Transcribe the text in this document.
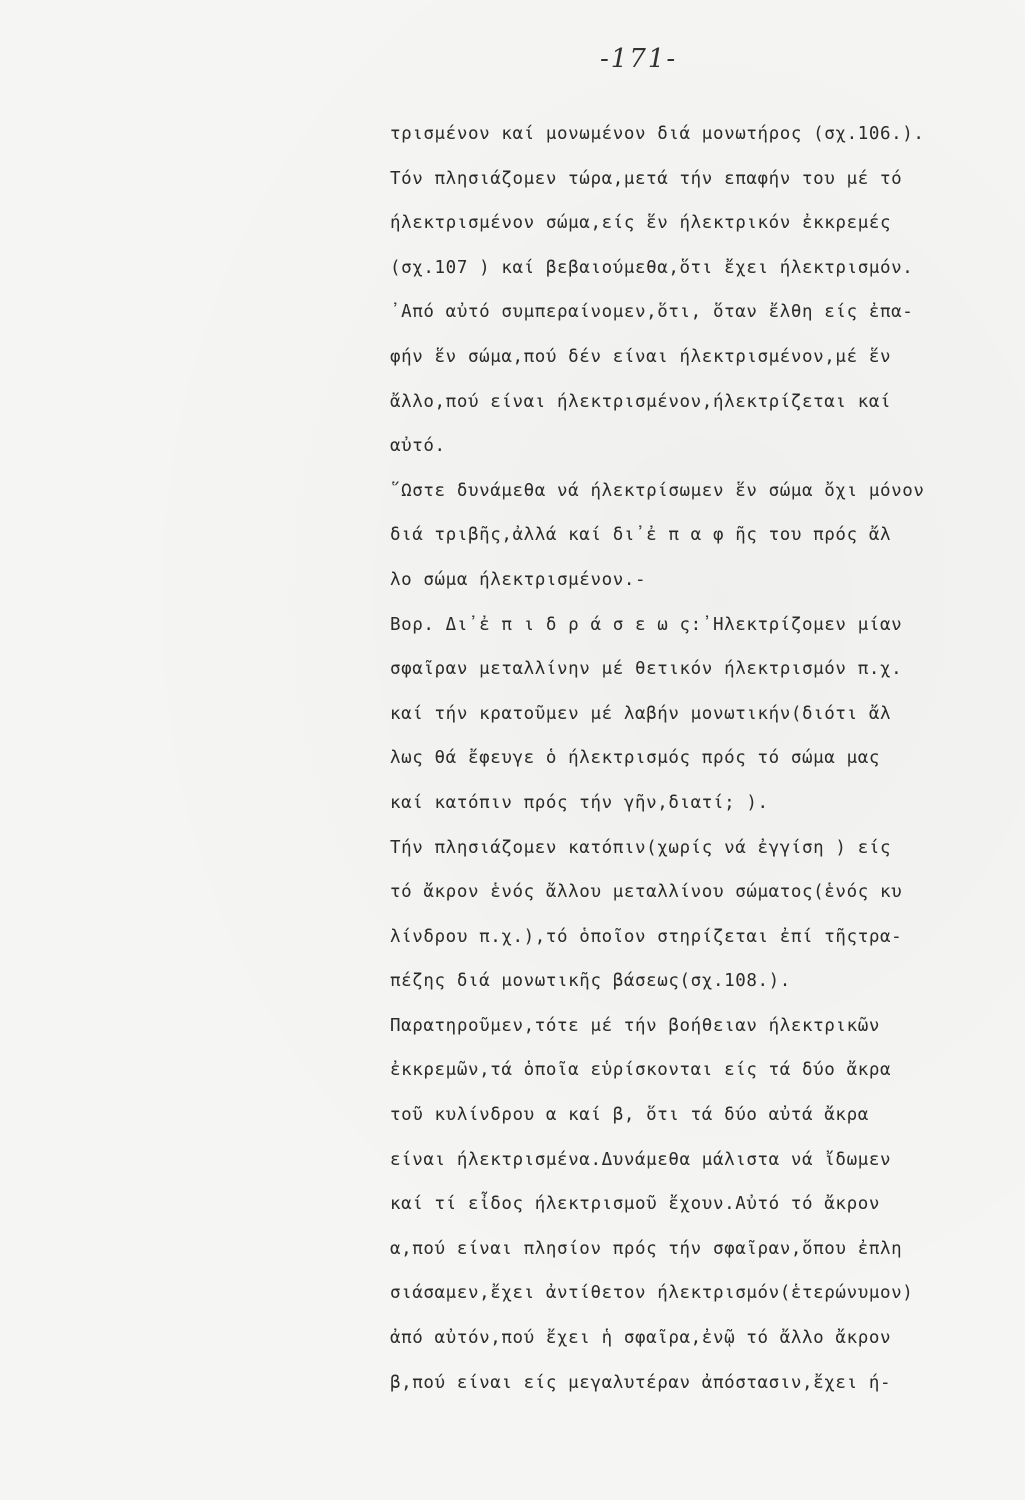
-171-
τρισμένον καί μονωμένον διά μονωτήρος (σχ.106.).
Τόν πλησιάζομεν τώρα,μετά τήν επαφήν του μέ τό
ήλεκτρισμένον σώμα,είς ἕν ήλεκτρικόν ἐκκρεμές
(σχ.107 ) καί βεβαιούμεθα,ὅτι ἔχει ήλεκτρισμόν.
᾽Από αὐτό συμπεραίνομεν,ὅτι, ὅταν ἔλθη είς ἐπα-
φήν ἕν σώμα,πού δέν είναι ήλεκτρισμένον,μέ ἕν
ἄλλο,πού είναι ήλεκτρισμένον,ήλεκτρίζεται καί
αὐτό.
῞Ωστε δυνάμεθα νά ήλεκτρίσωμεν ἕν σώμα ὄχι μόνον
διά τριβῆς,ἀλλά καί δι᾽ἐ π α φ ῆς του πρός ἄλ
λο σώμα ήλεκτρισμένον.-
Βορ. Δι᾽ἐ π ι δ ρ ά σ ε ω ς:᾽Ηλεκτρίζομεν μίαν
σφαῖραν μεταλλίνην μέ θετικόν ήλεκτρισμόν π.χ.
καί τήν κρατοῦμεν μέ λαβήν μονωτικήν(διότι ἄλ
λως θά ἔφευγε ὁ ήλεκτρισμός πρός τό σώμα μας
καί κατόπιν πρός τήν γῆν,διατί; ).
Τήν πλησιάζομεν κατόπιν(χωρίς νά ἐγγίση ) είς
τό ἄκρον ἑνός ἄλλου μεταλλίνου σώματος(ἑνός κυ
λίνδρου π.χ.),τό ὁποῖον στηρίζεται ἐπί τῆςτρα-
πέζης διά μονωτικῆς βάσεως(σχ.108.).
Παρατηροῦμεν,τότε μέ τήν βοήθειαν ήλεκτρικῶν
ἐκκρεμῶν,τά ὁποῖα εὑρίσκονται είς τά δύο ἄκρα
τοῦ κυλίνδρου α καί β, ὅτι τά δύο αὐτά ἄκρα
είναι ήλεκτρισμένα.Δυνάμεθα μάλιστα νά ἴδωμεν
καί τί εἶδος ήλεκτρισμοῦ ἔχουν.Αὐτό τό ἄκρον
α,πού είναι πλησίον πρός τήν σφαῖραν,ὅπου ἐπλη
σιάσαμεν,ἔχει ἀντίθετον ήλεκτρισμόν(ἑτερώνυμον)
ἀπό αὐτόν,πού ἔχει ἡ σφαῖρα,ἐνῷ τό ἄλλο ἄκρον
β,πού είναι είς μεγαλυτέραν ἀπόστασιν,ἔχει ή-
